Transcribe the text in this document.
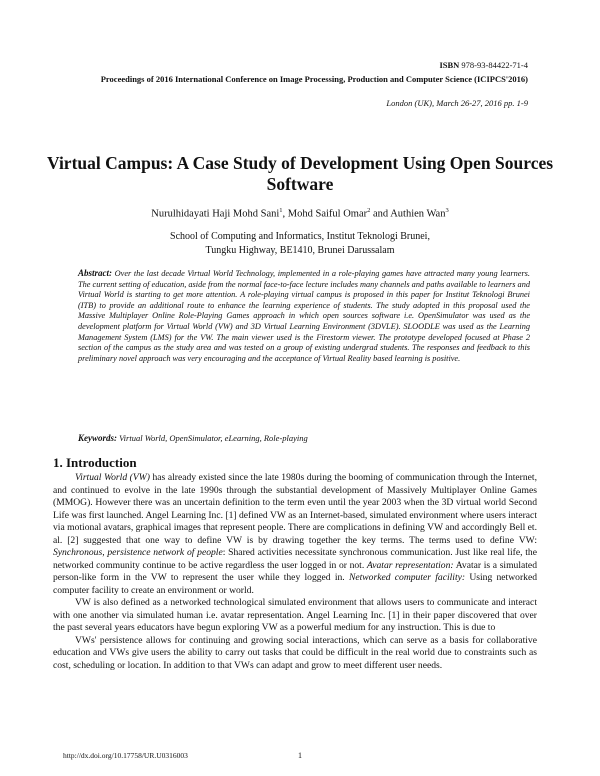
ISBN 978-93-84422-71-4
Proceedings of 2016 International Conference on Image Processing, Production and Computer Science (ICIPCS'2016)
London (UK), March 26-27, 2016 pp. 1-9
Virtual Campus: A Case Study of Development Using Open Sources Software
Nurulhidayati Haji Mohd Sani$^1$, Mohd Saiful Omar$^2$ and Authien Wan$^3$
School of Computing and Informatics, Institut Teknologi Brunei,
Tungku Highway, BE1410, Brunei Darussalam
Abstract: Over the last decade Virtual World Technology, implemented in a role-playing games have attracted many young learners. The current setting of education, aside from the normal face-to-face lecture includes many channels and paths available to learners and Virtual World is starting to get more attention. A role-playing virtual campus is proposed in this paper for Institut Teknologi Brunei (ITB) to provide an additional route to enhance the learning experience of students. The study adopted in this proposal used the Massive Multiplayer Online Role-Playing Games approach in which open sources software i.e. OpenSimulator was used as the development platform for Virtual World (VW) and 3D Virtual Learning Environment (3DVLE). SLOODLE was used as the Learning Management System (LMS) for the VW. The main viewer used is the Firestorm viewer. The prototype developed focused at Phase 2 section of the campus as the study area and was tested on a group of existing undergrad students. The responses and feedback to this preliminary novel approach was very encouraging and the acceptance of Virtual Reality based learning is positive.
Keywords: Virtual World, OpenSimulator, eLearning, Role-playing
1. Introduction

Virtual World (VW) has already existed since the late 1980s during the booming of communication through the Internet, and continued to evolve in the late 1990s through the substantial development of Massively Multiplayer Online Games (MMOG). However there was an uncertain definition to the term even until the year 2003 when the 3D virtual world Second Life was first launched. Angel Learning Inc. [1] defined VW as an Internet-based, simulated environment where users interact via motional avatars, graphical images that represent people. There are complications in defining VW and accordingly Bell et. al. [2] suggested that one way to define VW is by drawing together the key terms. The terms used to define VW: Synchronous, persistence network of people: Shared activities necessitate synchronous communication. Just like real life, the networked community continue to be active regardless the user logged in or not. Avatar representation: Avatar is a simulated person-like form in the VW to represent the user while they logged in. Networked computer facility: Using networked computer facility to create an environment or world.

VW is also defined as a networked technological simulated environment that allows users to communicate and interact with one another via simulated human i.e. avatar representation. Angel Learning Inc. [1] in their paper discovered that over the past several years educators have begun exploring VW as a powerful medium for any instruction. This is due to

VWs' persistence allows for continuing and growing social interactions, which can serve as a basis for collaborative education and VWs give users the ability to carry out tasks that could be difficult in the real world due to constraints such as cost, scheduling or location. In addition to that VWs can adapt and grow to meet different user needs.

http://dx.doi.org/10.17758/UR.U0316003	1
